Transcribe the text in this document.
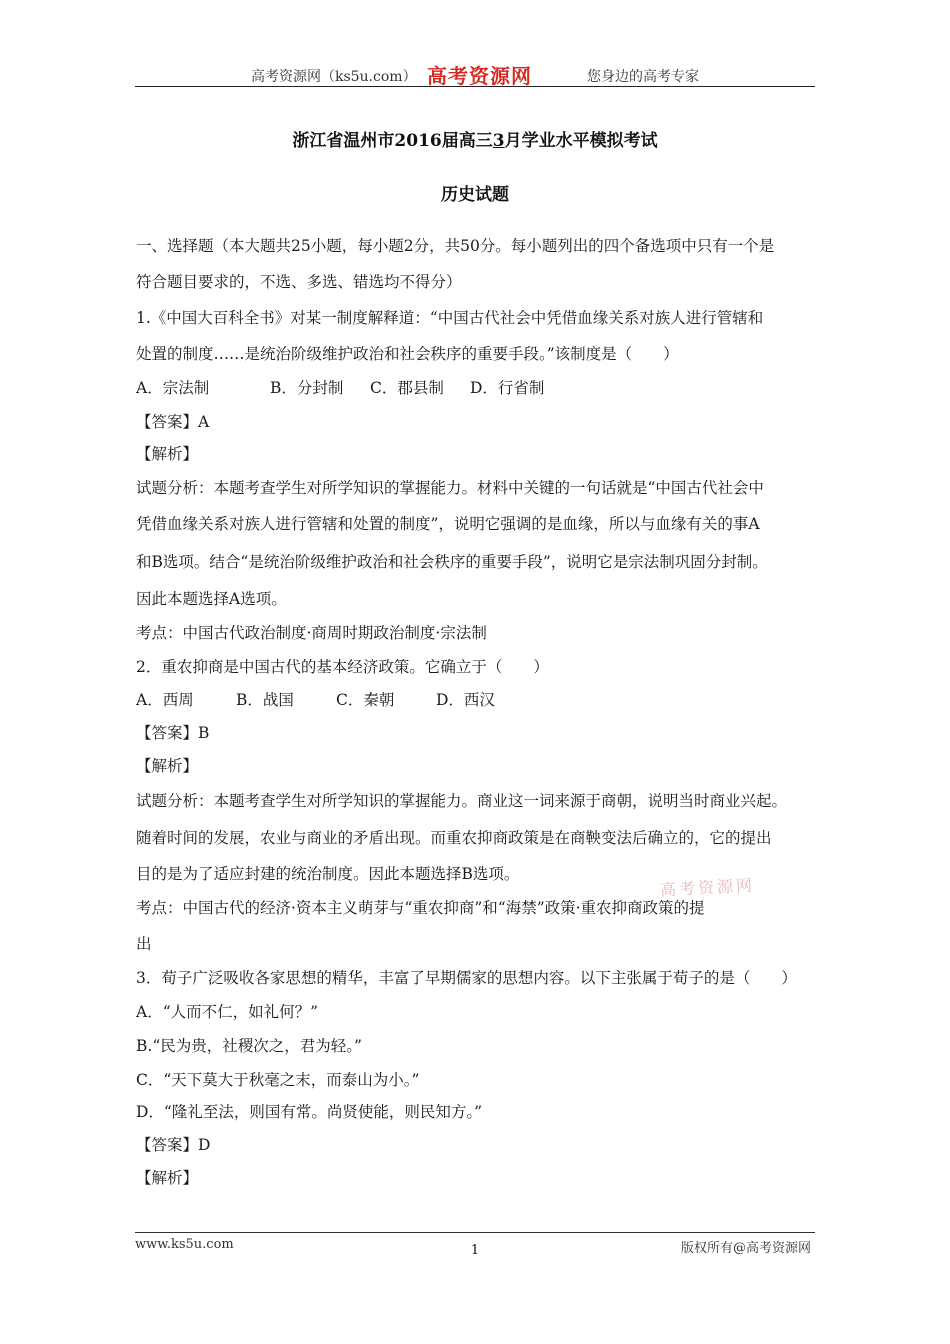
高考资源网（ks5u.com） 高考资源网	您身边的高考专家
浙江省温州市2016届高三3月学业水平模拟考试
历史试题
一、选择题（本大题共25小题，每小题2分，共50分。每小题列出的四个备选项中只有一个是
符合题目要求的，不选、多选、错选均不得分）
1.《中国大百科全书》对某一制度解释道：“中国古代社会中凭借血缘关系对族人进行管辖和
处置的制度……是统治阶级维护政治和社会秩序的重要手段。”该制度是（　　）
A．宗法制	B．分封制 C．郡县制 D．行省制
【答案】A
【解析】
试题分析：本题考查学生对所学知识的掌握能力。材料中关键的一句话就是“中国古代社会中
凭借血缘关系对族人进行管辖和处置的制度”，说明它强调的是血缘，所以与血缘有关的事A
和B选项。结合“是统治阶级维护政治和社会秩序的重要手段”，说明它是宗法制巩固分封制。
因此本题选择A选项。
考点：中国古代政治制度·商周时期政治制度·宗法制
2．重农抑商是中国古代的基本经济政策。它确立于（　　）
A．西周	B．战国	C．秦朝	D．西汉
【答案】B
【解析】
试题分析：本题考查学生对所学知识的掌握能力。商业这一词来源于商朝，说明当时商业兴起。
随着时间的发展，农业与商业的矛盾出现。而重农抑商政策是在商鞅变法后确立的，它的提出
目的是为了适应封建的统治制度。因此本题选择B选项。
考点：中国古代的经济·资本主义萌芽与“重农抑商”和“海禁”政策·重农抑商政策的提
出
3．荀子广泛吸收各家思想的精华，丰富了早期儒家的思想内容。以下主张属于荀子的是（　　）
A．“人而不仁，如礼何？”
B.“民为贵，社稷次之，君为轻。”
C．“天下莫大于秋毫之末，而泰山为小。”
D．“隆礼至法，则国有常。尚贤使能，则民知方。”
【答案】D
【解析】
高考资源网
www.ks5u.com	1	版权所有@高考资源网
